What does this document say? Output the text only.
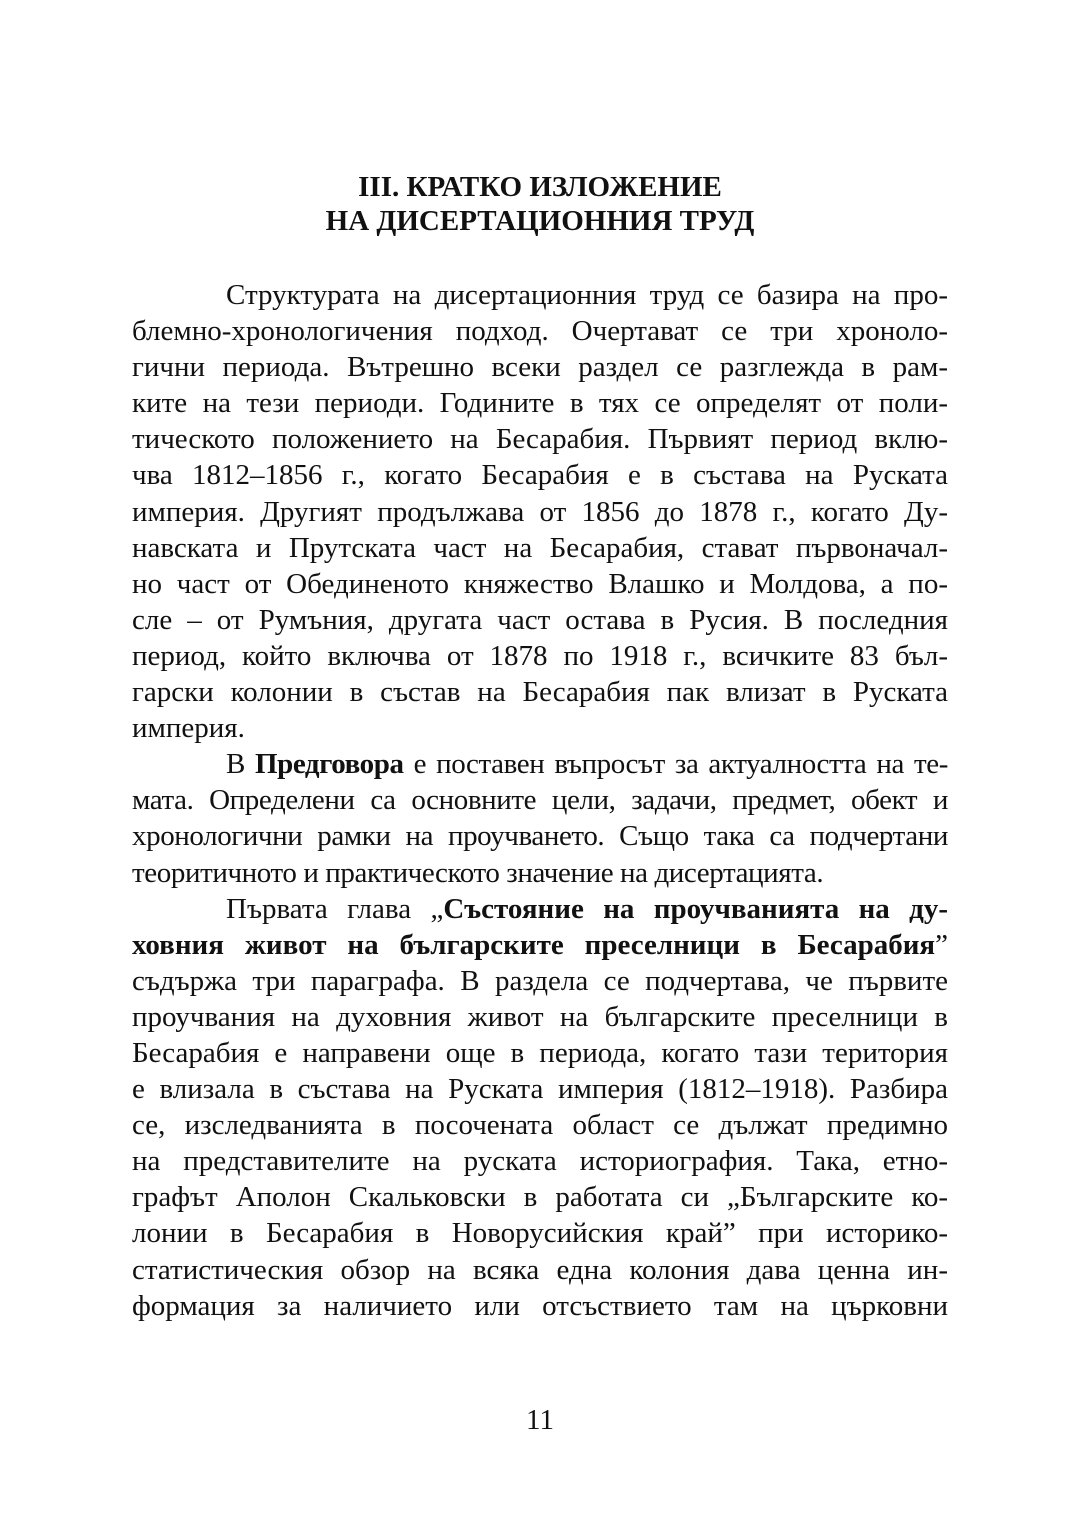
III. КРАТКО ИЗЛОЖЕНИЕ
НА ДИСЕРТАЦИОННИЯ ТРУД
Структурата на дисертационния труд се базира на про-
блемно-хронологичения подход. Очертават се три хроноло-
гични периода. Вътрешно всеки раздел се разглежда в рам-
ките на тези периоди. Годините в тях се определят от поли-
тическото положението на Бесарабия. Първият период вклю-
чва 1812–1856 г., когато Бесарабия е в състава на Руската
империя. Другият продължава от 1856 до 1878 г., когато Ду-
навската и Прутската част на Бесарабия, стават първоначал-
но част от Обединеното княжество Влашко и Молдова, а по-
сле – от Румъния, другата част остава в Русия. В последния
период, който включва от 1878 по 1918 г., всичките 83 бъл-
гарски колонии в състав на Бесарабия пак влизат в Руската
империя.
В Предговора е поставен въпросът за актуалността на те-
мата. Определени са основните цели, задачи, предмет, обект и
хронологични рамки на проучването. Също така са подчертани
теоритичното и практическото значение на дисертацията.
Първата глава „Състояние на проучванията на ду-
ховния живот на българските преселници в Бесарабия”
съдържа три параграфа. В раздела се подчертава, че първите
проучвания на духовния живот на българските преселници в
Бесарабия е направени още в периода, когато тази територия
е влизала в състава на Руската империя (1812–1918). Разбира
се, изследванията в посочената област се дължат предимно
на представителите на руската историография. Така, етно-
графът Аполон Скальковски в работата си „Българските ко-
лонии в Бесарабия в Новорусийския край” при историко-
статистическия обзор на всяка една колония дава ценна ин-
формация за наличието или отсъствието там на църковни
11
